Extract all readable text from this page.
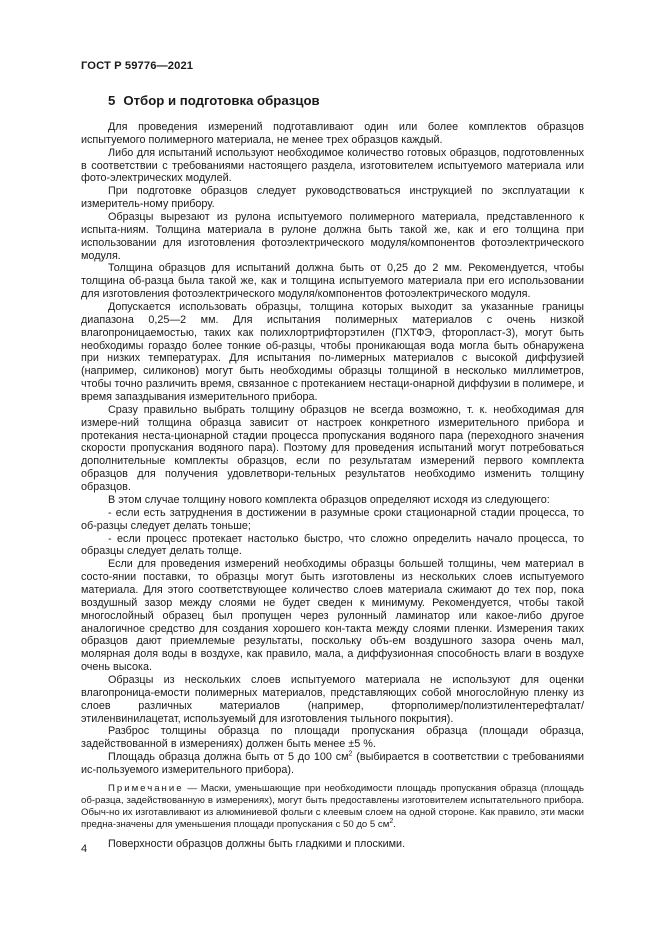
ГОСТ Р 59776—2021
5 Отбор и подготовка образцов

Для проведения измерений подготавливают один или более комплектов образцов испытуемого полимерного материала, не менее трех образцов каждый.

Либо для испытаний используют необходимое количество готовых образцов, подготовленных в соответствии с требованиями настоящего раздела, изготовителем испытуемого материала или фото-электрических модулей.

При подготовке образцов следует руководствоваться инструкцией по эксплуатации к измеритель-ному прибору.

Образцы вырезают из рулона испытуемого полимерного материала, представленного к испыта-ниям. Толщина материала в рулоне должна быть такой же, как и его толщина при использовании для изготовления фотоэлектрического модуля/компонентов фотоэлектрического модуля.

Толщина образцов для испытаний должна быть от 0,25 до 2 мм. Рекомендуется, чтобы толщина об-разца была такой же, как и толщина испытуемого материала при его использовании для изготовления фотоэлектрического модуля/компонентов фотоэлектрического модуля.

Допускается использовать образцы, толщина которых выходит за указанные границы диапазона 0,25—2 мм. Для испытания полимерных материалов с очень низкой влагопроницаемостью, таких как полихлортрифторэтилен (ПХТФЭ, фторопласт-3), могут быть необходимы гораздо более тонкие об-разцы, чтобы проникающая вода могла быть обнаружена при низких температурах. Для испытания по-лимерных материалов с высокой диффузией (например, силиконов) могут быть необходимы образцы толщиной в несколько миллиметров, чтобы точно различить время, связанное с протеканием нестаци-онарной диффузии в полимере, и время запаздывания измерительного прибора.

Сразу правильно выбрать толщину образцов не всегда возможно, т. к. необходимая для измере-ний толщина образца зависит от настроек конкретного измерительного прибора и протекания неста-ционарной стадии процесса пропускания водяного пара (переходного значения скорости пропускания водяного пара). Поэтому для проведения испытаний могут потребоваться дополнительные комплекты образцов, если по результатам измерений первого комплекта образцов для получения удовлетвори-тельных результатов необходимо изменить толщину образцов.

В этом случае толщину нового комплекта образцов определяют исходя из следующего:

- если есть затруднения в достижении в разумные сроки стационарной стадии процесса, то об-разцы следует делать тоньше;

- если процесс протекает настолько быстро, что сложно определить начало процесса, то образцы следует делать толще.

Если для проведения измерений необходимы образцы большей толщины, чем материал в состо-янии поставки, то образцы могут быть изготовлены из нескольких слоев испытуемого материала. Для этого соответствующее количество слоев материала сжимают до тех пор, пока воздушный зазор между слоями не будет сведен к минимуму. Рекомендуется, чтобы такой многослойный образец был пропущен через рулонный ламинатор или какое-либо другое аналогичное средство для создания хорошего кон-такта между слоями пленки. Измерения таких образцов дают приемлемые результаты, поскольку объ-ем воздушного зазора очень мал, молярная доля воды в воздухе, как правило, мала, а диффузионная способность влаги в воздухе очень высока.

Образцы из нескольких слоев испытуемого материала не используют для оценки влагопроница-емости полимерных материалов, представляющих собой многослойную пленку из слоев различных материалов (например, фторполимер/полиэтилентерефталат/этиленвинилацетат, используемый для изготовления тыльного покрытия).

Разброс толщины образца по площади пропускания образца (площади образца, задействованной в измерениях) должен быть менее ±5 %.

Площадь образца должна быть от 5 до 100 $см^2$ (выбирается в соответствии с требованиями ис-пользуемого измерительного прибора).

Примечание — Маски, уменьшающие при необходимости площадь пропускания образца (площадь об-разца, задействованную в измерениях), могут быть предоставлены изготовителем испытательного прибора. Обыч-но их изготавливают из алюминиевой фольги с клеевым слоем на одной стороне. Как правило, эти маски предна-значены для уменьшения площади пропускания с 50 до 5 $см^2$.

Поверхности образцов должны быть гладкими и плоскими.

4
